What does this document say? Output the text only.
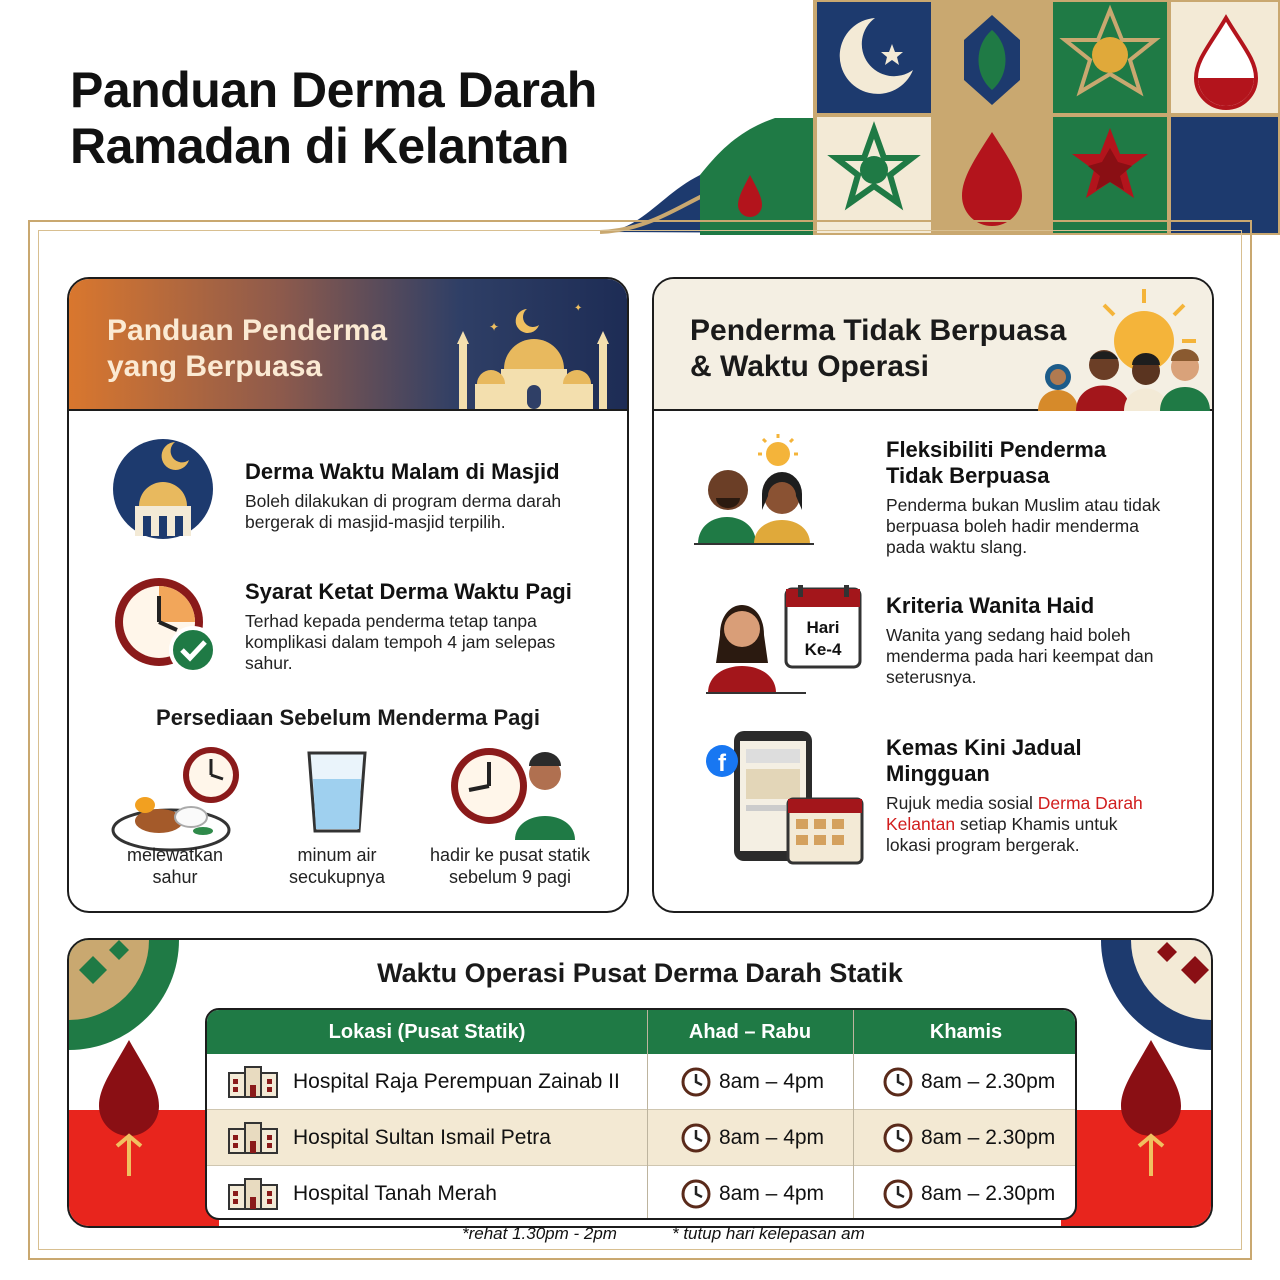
Panduan Derma Darah
Ramadan di Kelantan
Panduan Penderma
yang Berpuasa
✦
✦
Derma Waktu Malam di Masjid
Boleh dilakukan di program derma darah
bergerak di masjid-masjid terpilih.
Syarat Ketat Derma Waktu Pagi
Terhad kepada penderma tetap tanpa
komplikasi dalam tempoh 4 jam selepas
sahur.
Persediaan Sebelum Menderma Pagi
melewatkan
sahur
minum air
secukupnya
hadir ke pusat statik
sebelum 9 pagi
Penderma Tidak Berpuasa
& Waktu Operasi
Fleksibiliti Penderma
Tidak Berpuasa
Penderma bukan Muslim atau tidak
berpuasa boleh hadir menderma
pada waktu slang.
Hari
Ke-4
Kriteria Wanita Haid
Wanita yang sedang haid boleh
menderma pada hari keempat dan
seterusnya.
f
Kemas Kini Jadual
Mingguan
Rujuk media sosial Derma Darah
Kelantan setiap Khamis untuk
lokasi program bergerak.
Waktu Operasi Pusat Derma Darah Statik
Lokasi (Pusat Statik)	Ahad – Rabu	Khamis
Hospital Raja Perempuan Zainab II	8am – 4pm	8am – 2.30pm
Hospital Sultan Ismail Petra	8am – 4pm	8am – 2.30pm
Hospital Tanah Merah	8am – 4pm	8am – 2.30pm
*rehat 1.30pm - 2pm	* tutup hari kelepasan am
